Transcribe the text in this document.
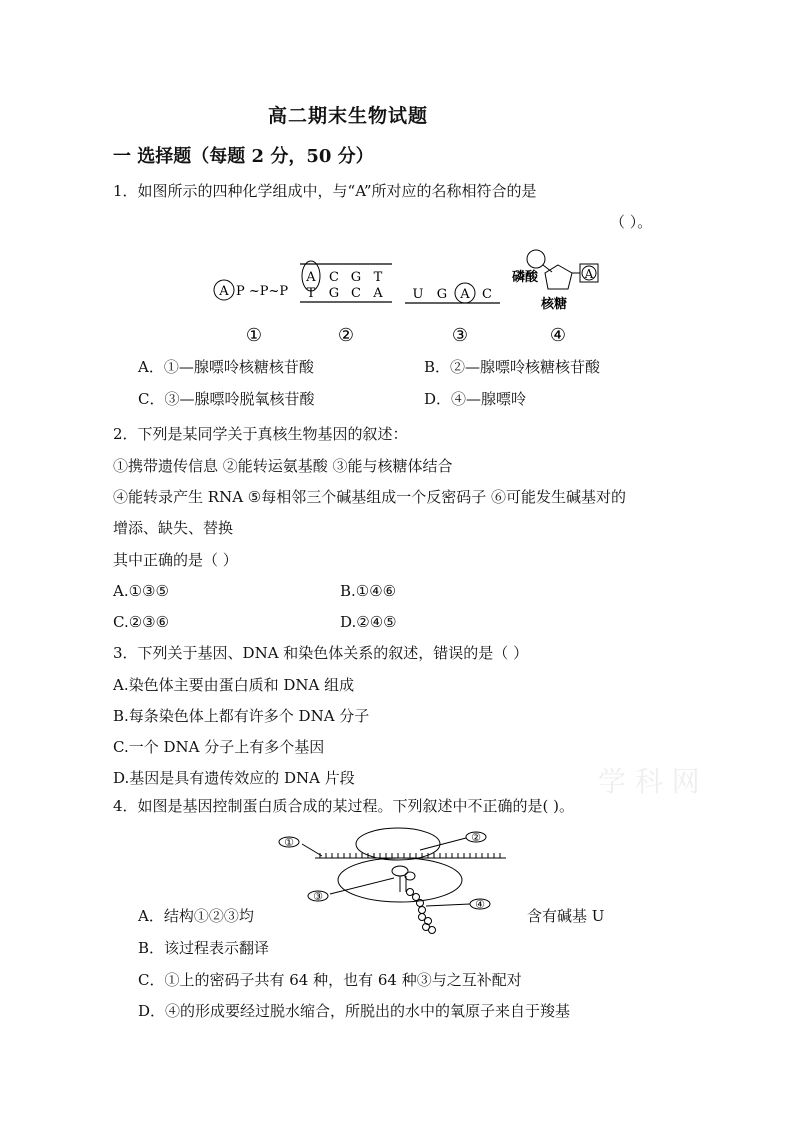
高二期末生物试题
一 选择题（每题 2 分，50 分）
1．如图所示的四种化学组成中，与“A”所对应的名称相符合的是
（ ）。
A P ~P~P
A C G T
T G C A U G A C
磷酸	A
核糖
①	②	③	④
A．①—腺嘌呤核糖核苷酸	B．②—腺嘌呤核糖核苷酸
C．③—腺嘌呤脱氧核苷酸	D．④—腺嘌呤
2．下列是某同学关于真核生物基因的叙述：
①携带遗传信息 ②能转运氨基酸 ③能与核糖体结合
④能转录产生 RNA ⑤每相邻三个碱基组成一个反密码子 ⑥可能发生碱基对的
增添、缺失、替换
其中正确的是（ ）
A.①③⑤	B.①④⑥
C.②③⑥	D.②④⑤
3．下列关于基因、DNA 和染色体关系的叙述，错误的是（ ）
A.染色体主要由蛋白质和 DNA 组成
B.每条染色体上都有许多个 DNA 分子
C.一个 DNA 分子上有多个基因
D.基因是具有遗传效应的 DNA 片段	学 科 网
4．如图是基因控制蛋白质合成的某过程。下列叙述中不正确的是( )。
①	②
③
④
A．结构①②③均	含有碱基 U
B．该过程表示翻译
C．①上的密码子共有 64 种，也有 64 种③与之互补配对
D．④的形成要经过脱水缩合，所脱出的水中的氧原子来自于羧基
